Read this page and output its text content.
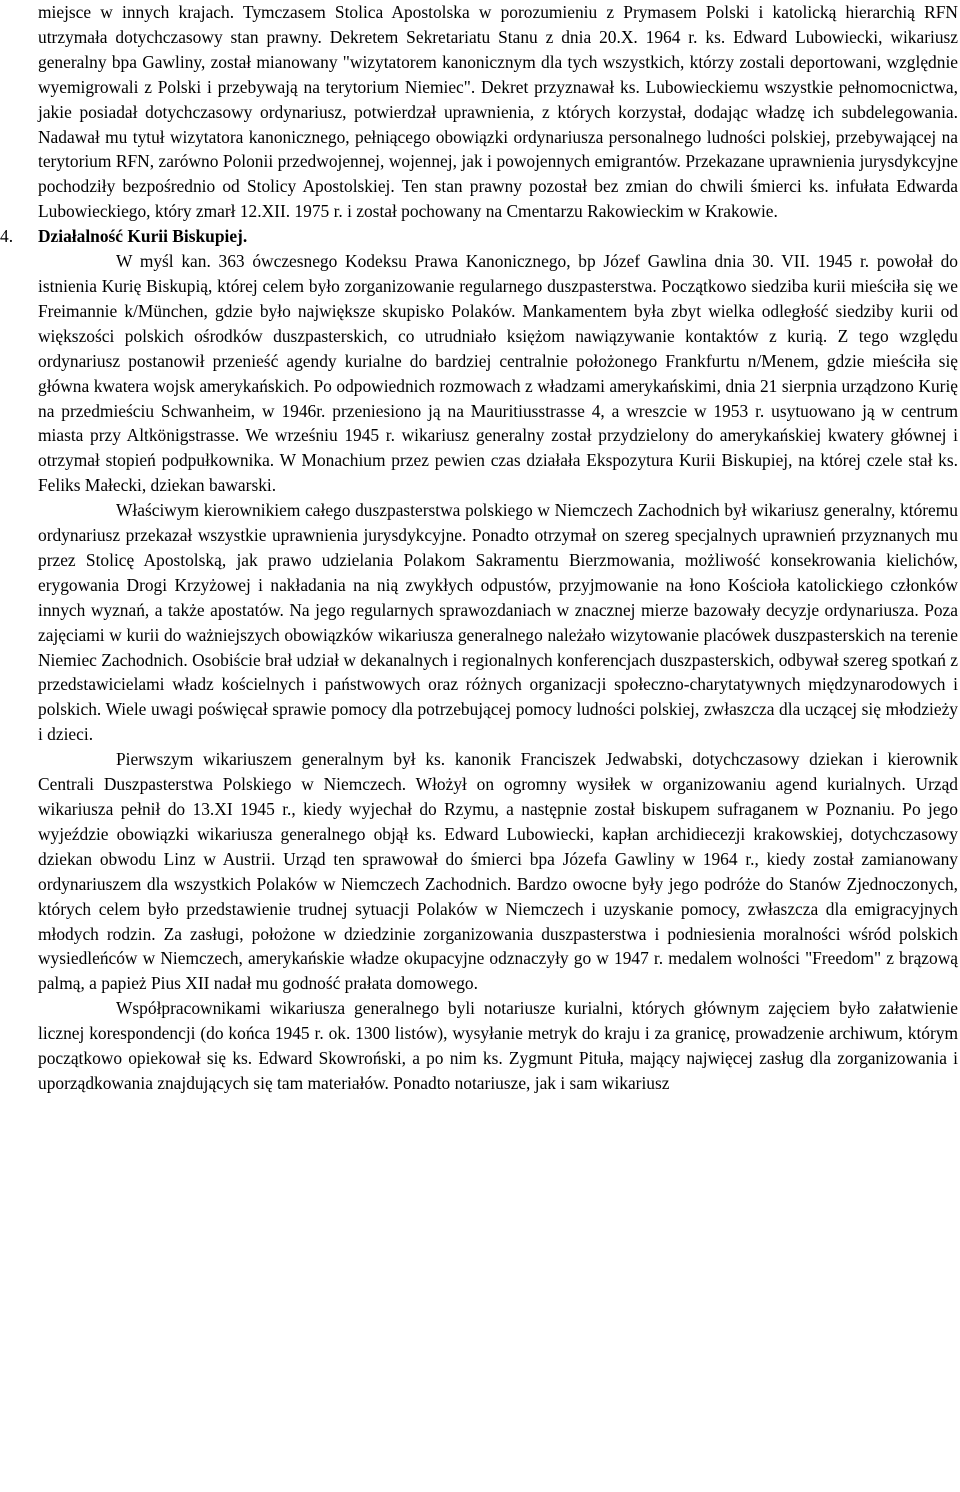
miejsce w innych krajach. Tymczasem Stolica Apostolska w porozumieniu z Prymasem Polski i katolicką hierarchią RFN utrzymała dotychczasowy stan prawny. Dekretem Sekretariatu Stanu z dnia 20.X. 1964 r. ks. Edward Lubowiecki, wikariusz generalny bpa Gawliny, został mianowany "wizytatorem kanonicznym dla tych wszystkich, którzy zostali deportowani, względnie wyemigrowali z Polski i przebywają na terytorium Niemiec". Dekret przyznawał ks. Lubowieckiemu wszystkie pełnomocnictwa, jakie posiadał dotychczasowy ordynariusz, potwierdzał uprawnienia, z których korzystał, dodając władzę ich subdelegowania. Nadawał mu tytuł wizytatora kanonicznego, pełniącego obowiązki ordynariusza personalnego ludności polskiej, przebywającej na terytorium RFN, zarówno Polonii przedwojennej, wojennej, jak i powojennych emigrantów. Przekazane uprawnienia jurysdykcyjne pochodziły bezpośrednio od Stolicy Apostolskiej. Ten stan prawny pozostał bez zmian do chwili śmierci ks. infułata Edwarda Lubowieckiego, który zmarł 12.XII. 1975 r. i został pochowany na Cmentarzu Rakowieckim w Krakowie.

4. Działalność Kurii Biskupiej.

W myśl kan. 363 ówczesnego Kodeksu Prawa Kanonicznego, bp Józef Gawlina dnia 30. VII. 1945 r. powołał do istnienia Kurię Biskupią, której celem było zorganizowanie regularnego duszpasterstwa. Początkowo siedziba kurii mieściła się we Freimannie k/München, gdzie było największe skupisko Polaków. Mankamentem była zbyt wielka odległość siedziby kurii od większości polskich ośrodków duszpasterskich, co utrudniało księżom nawiązywanie kontaktów z kurią. Z tego względu ordynariusz postanowił przenieść agendy kurialne do bardziej centralnie położonego Frankfurtu n/Menem, gdzie mieściła się główna kwatera wojsk amerykańskich. Po odpowiednich rozmowach z władzami amerykańskimi, dnia 21 sierpnia urządzono Kurię na przedmieściu Schwanheim, w 1946r. przeniesiono ją na Mauritiusstrasse 4, a wreszcie w 1953 r. usytuowano ją w centrum miasta przy Altkönigstrasse. We wrześniu 1945 r. wikariusz generalny został przydzielony do amerykańskiej kwatery głównej i otrzymał stopień podpułkownika. W Monachium przez pewien czas działała Ekspozytura Kurii Biskupiej, na której czele stał ks. Feliks Małecki, dziekan bawarski.

Właściwym kierownikiem całego duszpasterstwa polskiego w Niemczech Zachodnich był wikariusz generalny, któremu ordynariusz przekazał wszystkie uprawnienia jurysdykcyjne. Ponadto otrzymał on szereg specjalnych uprawnień przyznanych mu przez Stolicę Apostolską, jak prawo udzielania Polakom Sakramentu Bierzmowania, możliwość konsekrowania kielichów, erygowania Drogi Krzyżowej i nakładania na nią zwykłych odpustów, przyjmowanie na łono Kościoła katolickiego członków innych wyznań, a także apostatów. Na jego regularnych sprawozdaniach w znacznej mierze bazowały decyzje ordynariusza. Poza zajęciami w kurii do ważniejszych obowiązków wikariusza generalnego należało wizytowanie placówek duszpasterskich na terenie Niemiec Zachodnich. Osobiście brał udział w dekanalnych i regionalnych konferencjach duszpasterskich, odbywał szereg spotkań z przedstawicielami władz kościelnych i państwowych oraz różnych organizacji społeczno-charytatywnych międzynarodowych i polskich. Wiele uwagi poświęcał sprawie pomocy dla potrzebującej pomocy ludności polskiej, zwłaszcza dla uczącej się młodzieży i dzieci.

Pierwszym wikariuszem generalnym był ks. kanonik Franciszek Jedwabski, dotychczasowy dziekan i kierownik Centrali Duszpasterstwa Polskiego w Niemczech. Włożył on ogromny wysiłek w organizowaniu agend kurialnych. Urząd wikariusza pełnił do 13.XI 1945 r., kiedy wyjechał do Rzymu, a następnie został biskupem sufraganem w Poznaniu. Po jego wyjeździe obowiązki wikariusza generalnego objął ks. Edward Lubowiecki, kapłan archidiecezji krakowskiej, dotychczasowy dziekan obwodu Linz w Austrii. Urząd ten sprawował do śmierci bpa Józefa Gawliny w 1964 r., kiedy został zamianowany ordynariuszem dla wszystkich Polaków w Niemczech Zachodnich. Bardzo owocne były jego podróże do Stanów Zjednoczonych, których celem było przedstawienie trudnej sytuacji Polaków w Niemczech i uzyskanie pomocy, zwłaszcza dla emigracyjnych młodych rodzin. Za zasługi, położone w dziedzinie zorganizowania duszpasterstwa i podniesienia moralności wśród polskich wysiedleńców w Niemczech, amerykańskie władze okupacyjne odznaczyły go w 1947 r. medalem wolności "Freedom" z brązową palmą, a papież Pius XII nadał mu godność prałata domowego.

Współpracownikami wikariusza generalnego byli notariusze kurialni, których głównym zajęciem było załatwienie licznej korespondencji (do końca 1945 r. ok. 1300 listów), wysyłanie metryk do kraju i za granicę, prowadzenie archiwum, którym początkowo opiekował się ks. Edward Skowroński, a po nim ks. Zygmunt Pituła, mający najwięcej zasług dla zorganizowania i uporządkowania znajdujących się tam materiałów. Ponadto notariusze, jak i sam wikariusz
